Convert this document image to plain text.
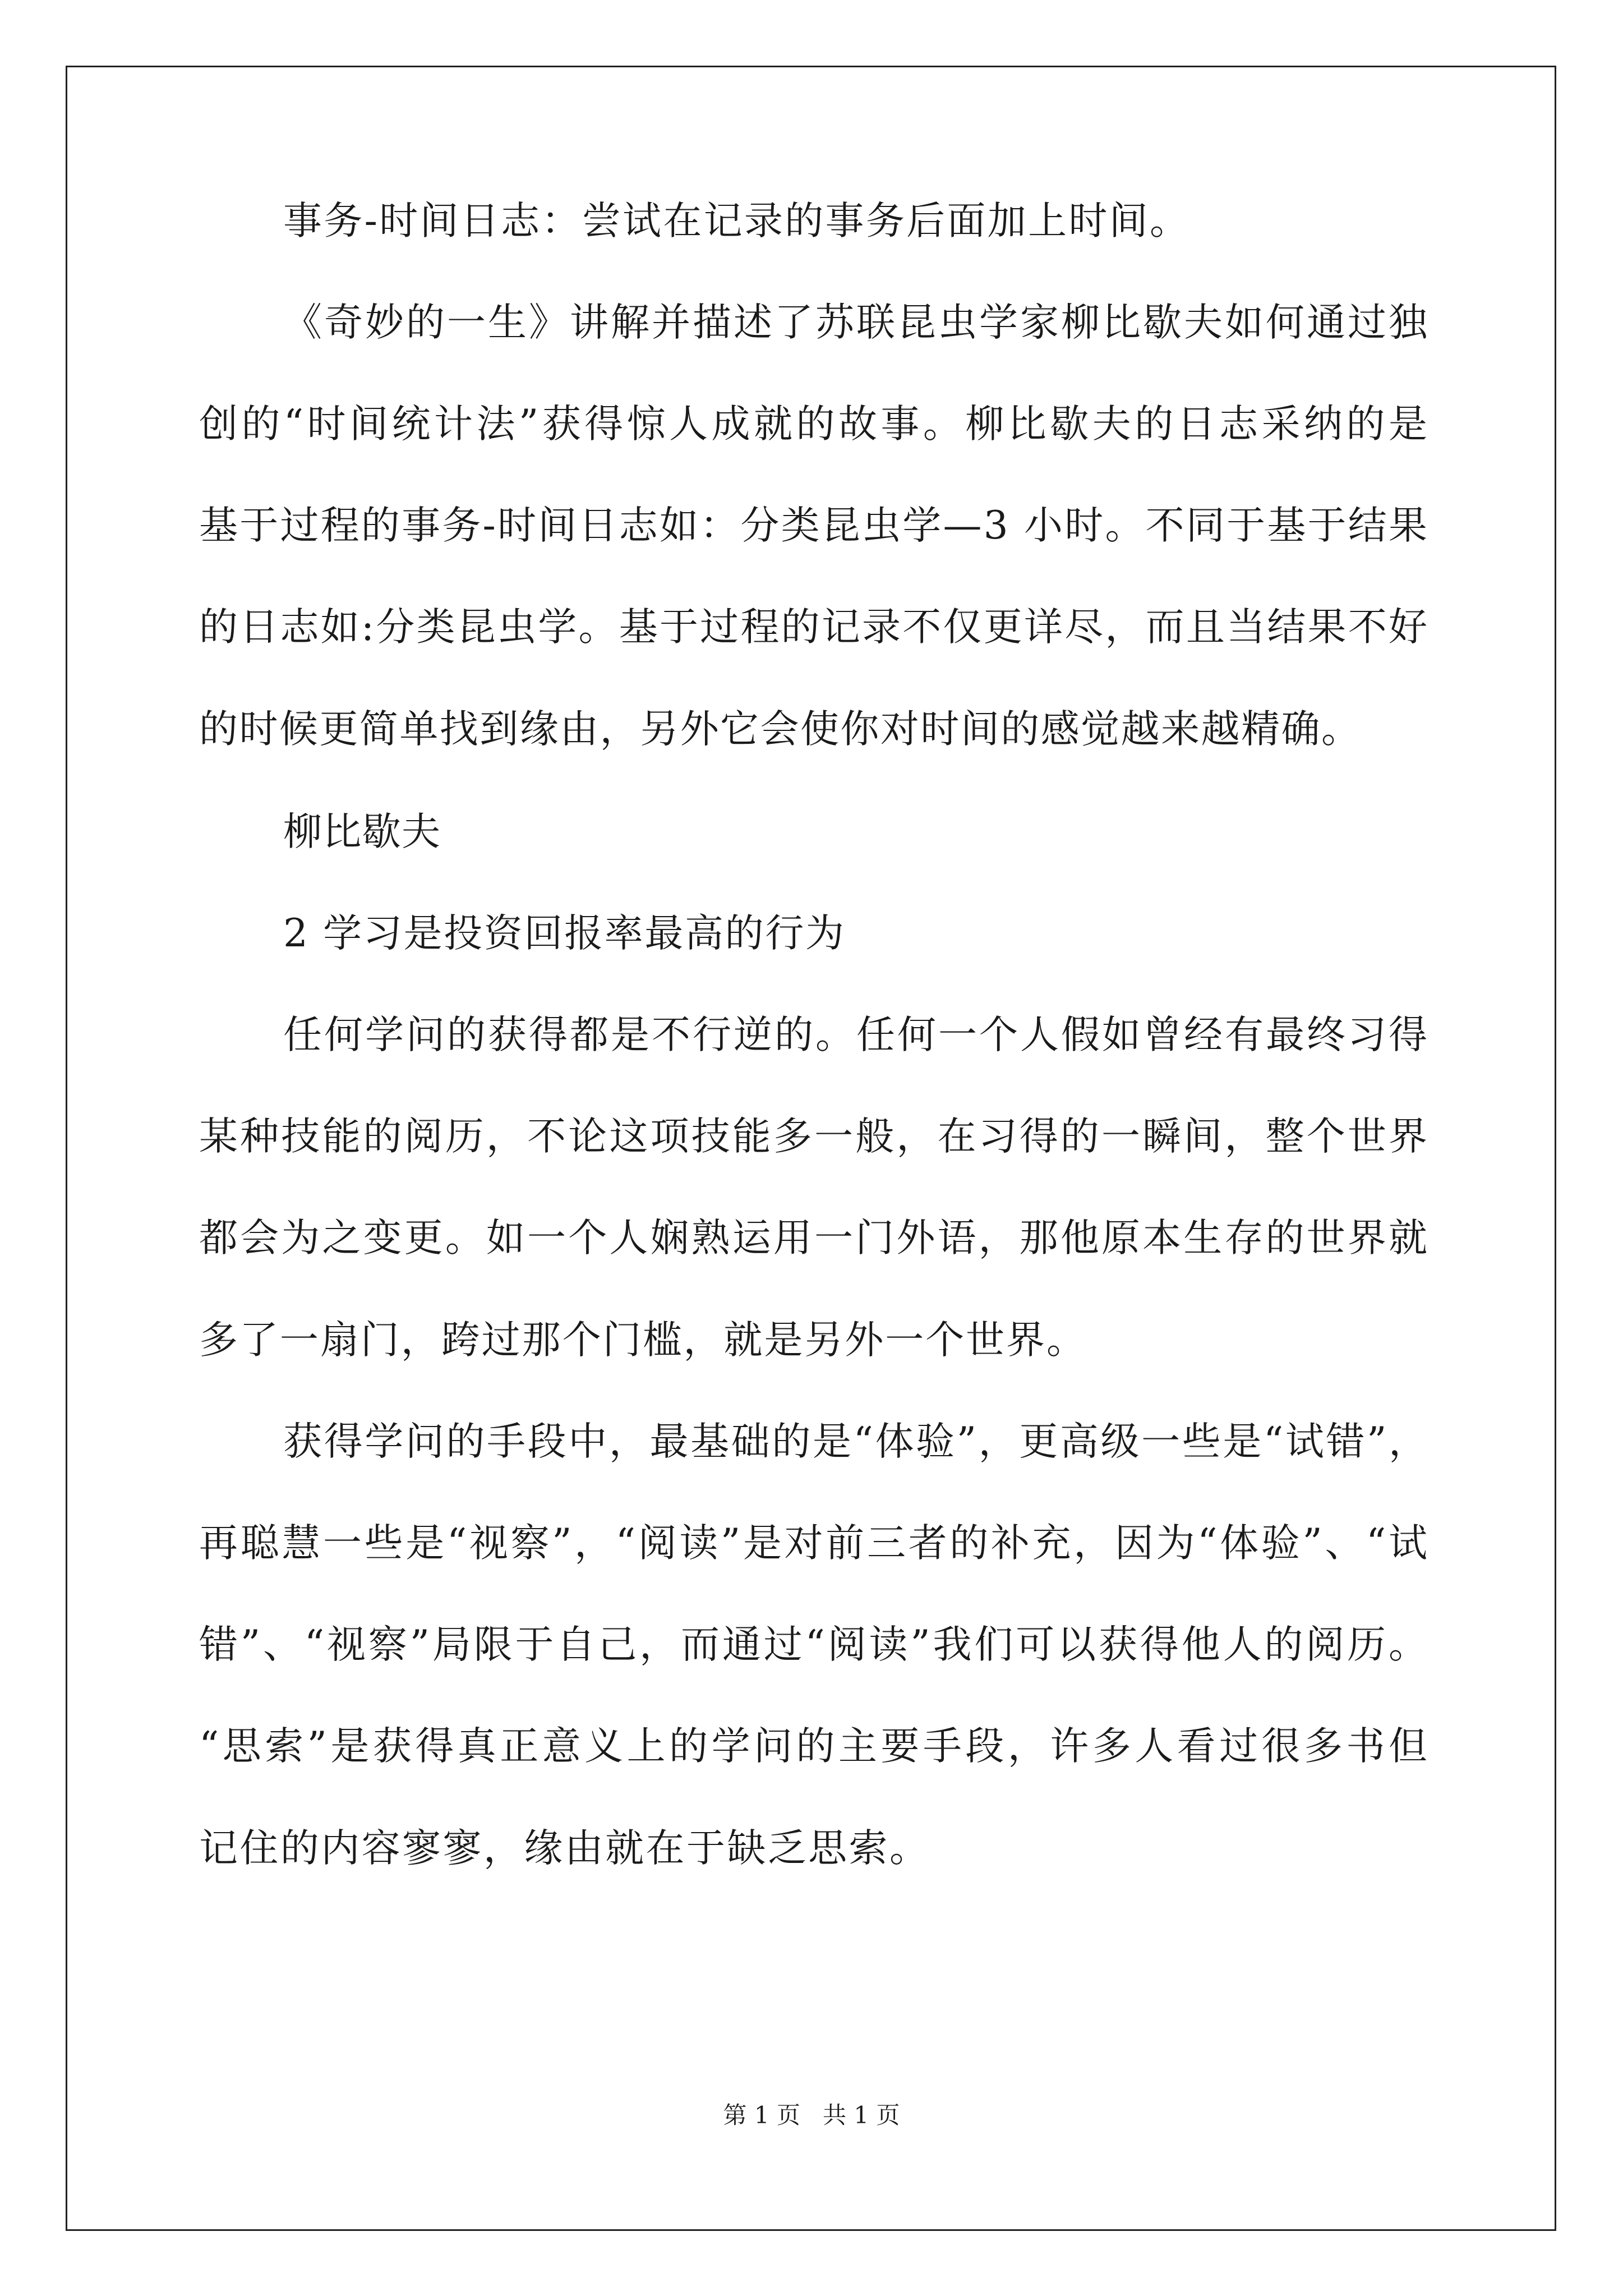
事务-时间日志：尝试在记录的事务后面加上时间。

《奇妙的一生》讲解并描述了苏联昆虫学家柳比歇夫如何通过独

创的“时间统计法”获得惊人成就的故事。柳比歇夫的日志采纳的是

基于过程的事务-时间日志如：分类昆虫学—3 小时。不同于基于结果

的日志如:分类昆虫学。基于过程的记录不仅更详尽，而且当结果不好

的时候更简单找到缘由，另外它会使你对时间的感觉越来越精确。

柳比歇夫

2 学习是投资回报率最高的行为

任何学问的获得都是不行逆的。任何一个人假如曾经有最终习得

某种技能的阅历，不论这项技能多一般，在习得的一瞬间，整个世界

都会为之变更。如一个人娴熟运用一门外语，那他原本生存的世界就

多了一扇门，跨过那个门槛，就是另外一个世界。

获得学问的手段中，最基础的是“体验”，更高级一些是“试错”，

再聪慧一些是“视察”，“阅读”是对前三者的补充，因为“体验”、“试

错”、“视察”局限于自己，而通过“阅读”我们可以获得他人的阅历。

“思索”是获得真正意义上的学问的主要手段，许多人看过很多书但

记住的内容寥寥，缘由就在于缺乏思索。

第 1 页   共 1 页
